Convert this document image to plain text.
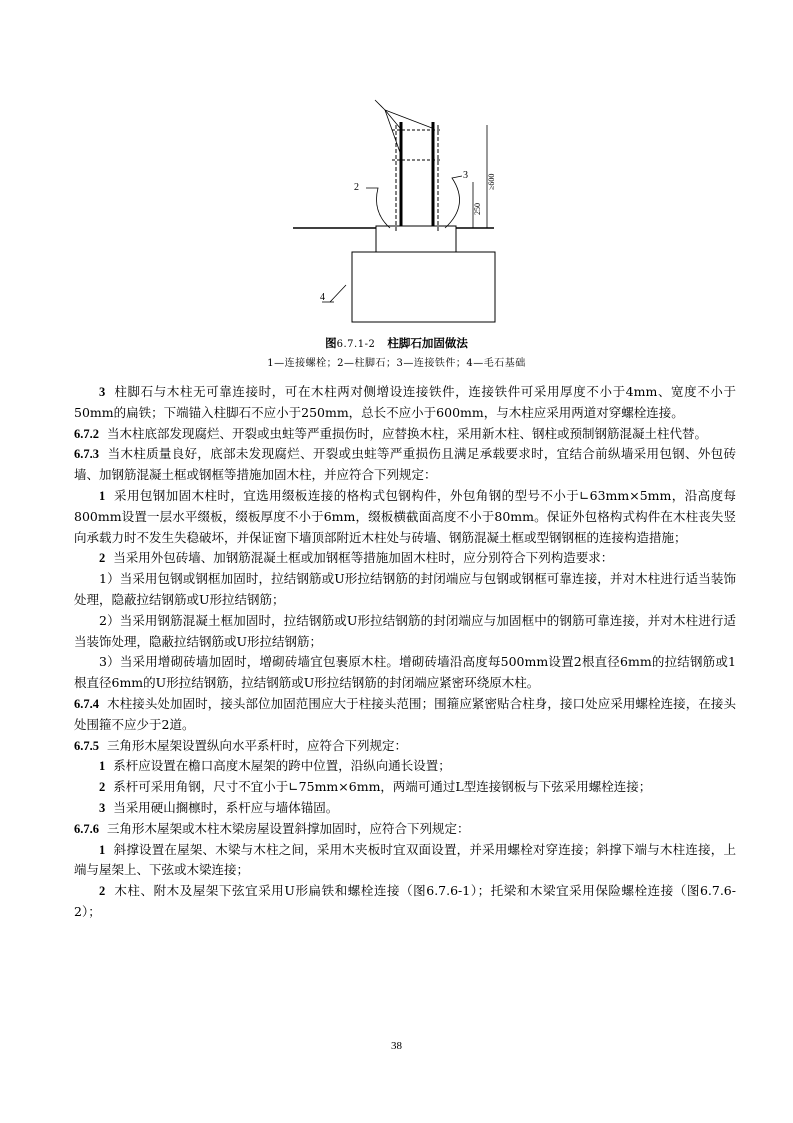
2
3
4
250
≥600
图6.7.1-2 柱脚石加固做法
1—连接螺栓；2—柱脚石；3—连接铁件；4—毛石基础

3 柱脚石与木柱无可靠连接时，可在木柱两对侧增设连接铁件，连接铁件可采用厚度不小于4mm、宽度不小于50mm的扁铁；下端锚入柱脚石不应小于250mm，总长不应小于600mm，与木柱应采用两道对穿螺栓连接。

6.7.2 当木柱底部发现腐烂、开裂或虫蛀等严重损伤时，应替换木柱，采用新木柱、钢柱或预制钢筋混凝土柱代替。

6.7.3 当木柱质量良好，底部未发现腐烂、开裂或虫蛀等严重损伤且满足承载要求时，宜结合前纵墙采用包钢、外包砖墙、加钢筋混凝土框或钢框等措施加固木柱，并应符合下列规定：

1 采用包钢加固木柱时，宜选用缀板连接的格构式包钢构件，外包角钢的型号不小于∟63mm×5mm，沿高度每800mm设置一层水平缀板，缀板厚度不小于6mm，缀板横截面高度不小于80mm。保证外包格构式构件在木柱丧失竖向承载力时不发生失稳破坏，并保证窗下墙顶部附近木柱处与砖墙、钢筋混凝土框或型钢钢框的连接构造措施；

2 当采用外包砖墙、加钢筋混凝土框或加钢框等措施加固木柱时，应分别符合下列构造要求：

1）当采用包钢或钢框加固时，拉结钢筋或U形拉结钢筋的封闭端应与包钢或钢框可靠连接，并对木柱进行适当装饰处理，隐蔽拉结钢筋或U形拉结钢筋；

2）当采用钢筋混凝土框加固时，拉结钢筋或U形拉结钢筋的封闭端应与加固框中的钢筋可靠连接，并对木柱进行适当装饰处理，隐蔽拉结钢筋或U形拉结钢筋；

3）当采用增砌砖墙加固时，增砌砖墙宜包裹原木柱。增砌砖墙沿高度每500mm设置2根直径6mm的拉结钢筋或1根直径6mm的U形拉结钢筋，拉结钢筋或U形拉结钢筋的封闭端应紧密环绕原木柱。

6.7.4 木柱接头处加固时，接头部位加固范围应大于柱接头范围；围箍应紧密贴合柱身，接口处应采用螺栓连接，在接头处围箍不应少于2道。

6.7.5 三角形木屋架设置纵向水平系杆时，应符合下列规定：

1 系杆应设置在檐口高度木屋架的跨中位置，沿纵向通长设置；

2 系杆可采用角钢，尺寸不宜小于∟75mm×6mm，两端可通过L型连接钢板与下弦采用螺栓连接；

3 当采用硬山搁檩时，系杆应与墙体锚固。

6.7.6 三角形木屋架或木柱木梁房屋设置斜撑加固时，应符合下列规定：

1 斜撑设置在屋架、木梁与木柱之间，采用木夹板时宜双面设置，并采用螺栓对穿连接；斜撑下端与木柱连接，上端与屋架上、下弦或木梁连接；

2 木柱、附木及屋架下弦宜采用U形扁铁和螺栓连接（图6.7.6-1）；托梁和木梁宜采用保险螺栓连接（图6.7.6-2）；

38
